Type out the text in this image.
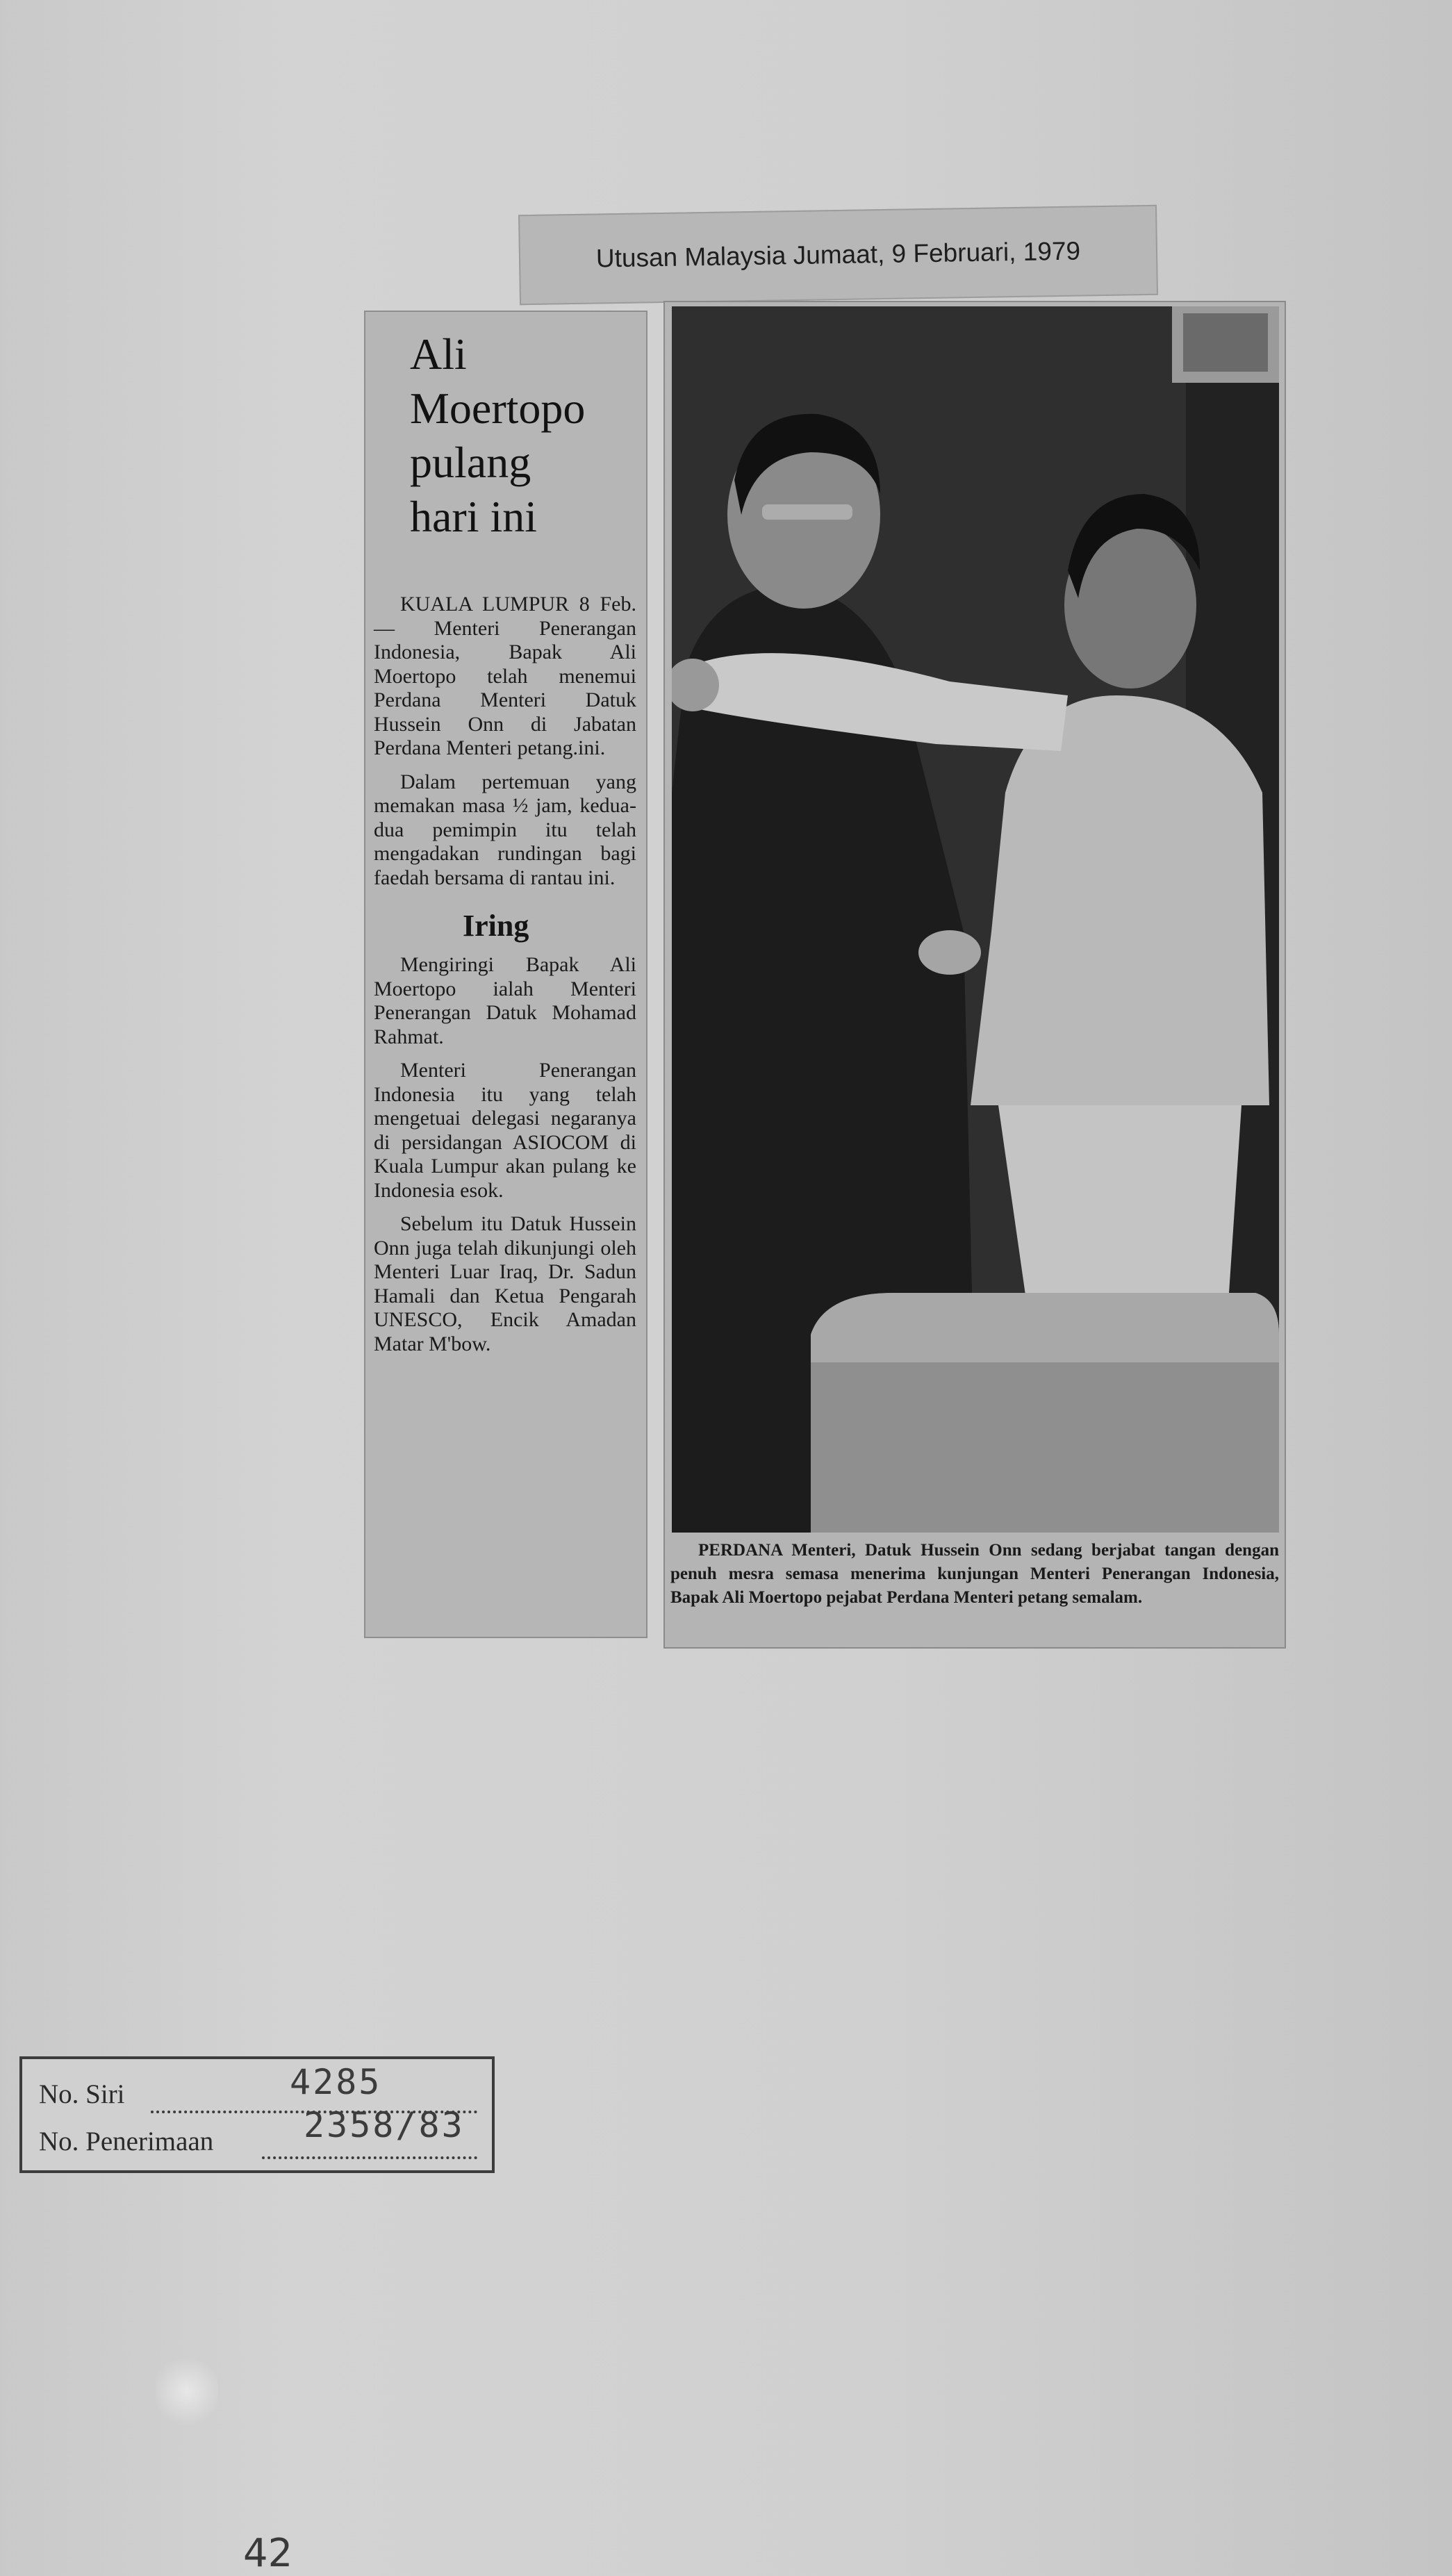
Utusan Malaysia Jumaat, 9 Februari, 1979
Ali
Moertopo
pulang
hari ini

KUALA LUMPUR 8 Feb. — Menteri Penerangan Indonesia, Bapak Ali Moertopo telah menemui Perdana Menteri Datuk Hussein Onn di Jabatan Perdana Menteri petang.ini.

Dalam pertemuan yang memakan masa ½ jam, kedua-dua pemimpin itu telah mengadakan rundingan bagi faedah bersama di rantau ini.

Iring

Mengiringi Bapak Ali Moertopo ialah Menteri Penerangan Datuk Mohamad Rahmat.

Menteri Penerangan Indonesia itu yang telah mengetuai delegasi negaranya di persidangan ASIOCOM di Kuala Lumpur akan pulang ke Indonesia esok.

Sebelum itu Datuk Hussein Onn juga telah dikunjungi oleh Menteri Luar Iraq, Dr. Sadun Hamali dan Ketua Pengarah UNESCO, Encik Amadan Matar M'bow.

PERDANA Menteri, Datuk Hussein Onn sedang berjabat tangan dengan penuh mesra semasa menerima kunjungan Menteri Penerangan Indonesia, Bapak Ali Moertopo pejabat Perdana Menteri petang semalam.
No. Siri	4285
No. Penerimaan	2358/83
42
